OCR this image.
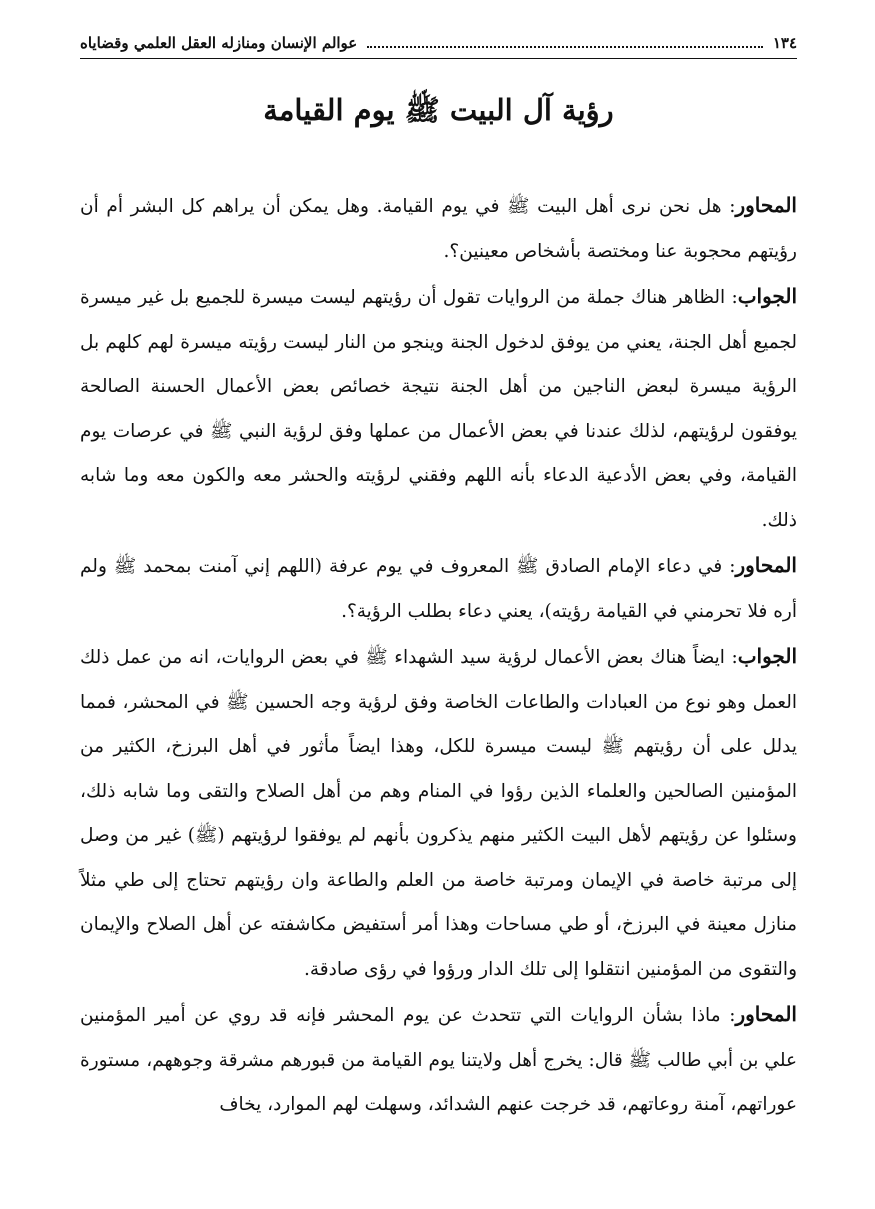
١٣٤
عوالم الإنسان ومنازله العقل العلمي وقضاياه
رؤية آل البيت ﷺ يوم القيامة

المحاور: هل نحن نرى أهل البيت ﷺ في يوم القيامة. وهل يمكن أن يراهم كل البشر أم أن رؤيتهم محجوبة عنا ومختصة بأشخاص معينين؟.

الجواب: الظاهر هناك جملة من الروايات تقول أن رؤيتهم ليست ميسرة للجميع بل غير ميسرة لجميع أهل الجنة، يعني من يوفق لدخول الجنة وينجو من النار ليست رؤيته ميسرة لهم كلهم بل الرؤية ميسرة لبعض الناجين من أهل الجنة نتيجة خصائص بعض الأعمال الحسنة الصالحة يوفقون لرؤيتهم، لذلك عندنا في بعض الأعمال من عملها وفق لرؤية النبي ﷺ في عرصات يوم القيامة، وفي بعض الأدعية الدعاء بأنه اللهم وفقني لرؤيته والحشر معه والكون معه وما شابه ذلك.

المحاور: في دعاء الإمام الصادق ﷺ المعروف في يوم عرفة (اللهم إني آمنت بمحمد ﷺ ولم أره فلا تحرمني في القيامة رؤيته)، يعني دعاء بطلب الرؤية؟.

الجواب: ايضاً هناك بعض الأعمال لرؤية سيد الشهداء ﷺ في بعض الروايات، انه من عمل ذلك العمل وهو نوع من العبادات والطاعات الخاصة وفق لرؤية وجه الحسين ﷺ في المحشر، فمما يدلل على أن رؤيتهم ﷺ ليست ميسرة للكل، وهذا ايضاً مأثور في أهل البرزخ، الكثير من المؤمنين الصالحين والعلماء الذين رؤوا في المنام وهم من أهل الصلاح والتقى وما شابه ذلك، وسئلوا عن رؤيتهم لأهل البيت الكثير منهم يذكرون بأنهم لم يوفقوا لرؤيتهم (ﷺ) غير من وصل إلى مرتبة خاصة في الإيمان ومرتبة خاصة من العلم والطاعة وان رؤيتهم تحتاج إلى طي مثلاً منازل معينة في البرزخ، أو طي مساحات وهذا أمر أستفيض مكاشفته عن أهل الصلاح والإيمان والتقوى من المؤمنين انتقلوا إلى تلك الدار ورؤوا في رؤى صادقة.

المحاور: ماذا بشأن الروايات التي تتحدث عن يوم المحشر فإنه قد روي عن أمير المؤمنين علي بن أبي طالب ﷺ قال: يخرج أهل ولايتنا يوم القيامة من قبورهم مشرقة وجوههم، مستورة عوراتهم، آمنة روعاتهم، قد خرجت عنهم الشدائد، وسهلت لهم الموارد، يخاف
